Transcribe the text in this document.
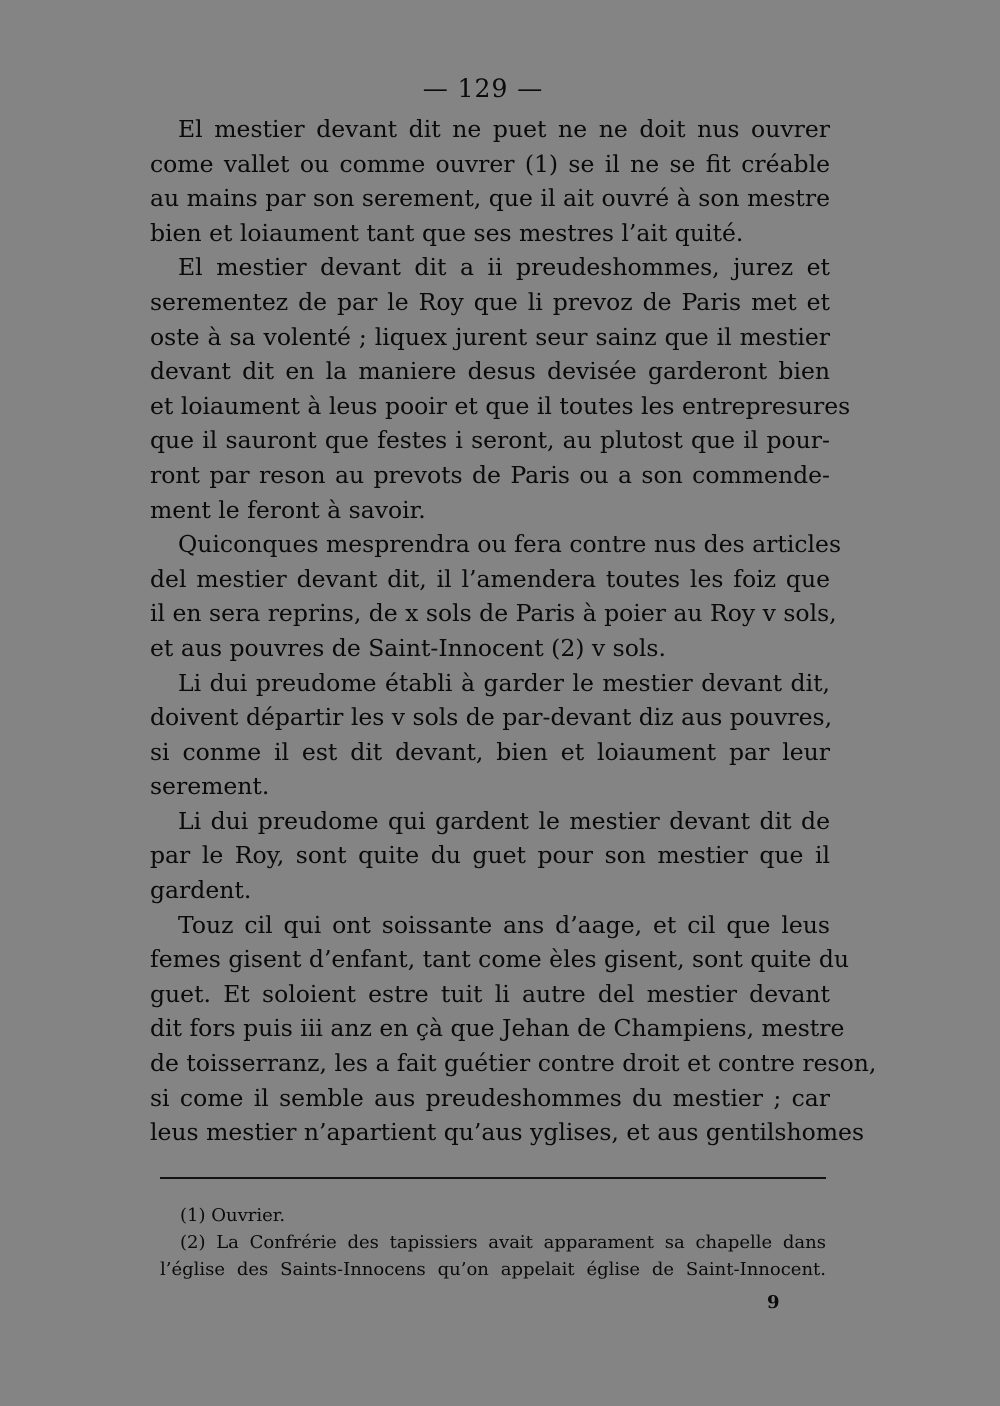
— 129 —

El mestier devant dit ne puet ne ne doit nus ouvrer
come vallet ou comme ouvrer (1) se il ne se fit créable
au mains par son serement, que il ait ouvré à son mestre
bien et loiaument tant que ses mestres l’ait quité.

El mestier devant dit a ii preudeshommes, jurez et
serementez de par le Roy que li prevoz de Paris met et
oste à sa volenté ; liquex jurent seur sainz que il mestier
devant dit en la maniere desus devisée garderont bien
et loiaument à leus pooir et que il toutes les entrepresures
que il sauront que festes i seront, au plutost que il pour-
ront par reson au prevots de Paris ou a son commende-
ment le feront à savoir.

Quiconques mesprendra ou fera contre nus des articles
del mestier devant dit, il l’amendera toutes les foiz que
il en sera reprins, de x sols de Paris à poier au Roy v sols,
et aus pouvres de Saint-Innocent (2) v sols.

Li dui preudome établi à garder le mestier devant dit,
doivent départir les v sols de par-devant diz aus pouvres,
si conme il est dit devant, bien et loiaument par leur
serement.

Li dui preudome qui gardent le mestier devant dit de
par le Roy, sont quite du guet pour son mestier que il
gardent.

Touz cil qui ont soissante ans d’aage, et cil que leus
femes gisent d’enfant, tant come èles gisent, sont quite du
guet. Et soloient estre tuit li autre del mestier devant
dit fors puis iii anz en çà que Jehan de Champiens, mestre
de toisserranz, les a fait guétier contre droit et contre reson,
si come il semble aus preudeshommes du mestier ; car
leus mestier n’apartient qu’aus yglises, et aus gentilshomes

(1) Ouvrier.
(2) La Confrérie des tapissiers avait apparament sa chapelle dans
l’église des Saints-Innocens qu’on appelait église de Saint-Innocent.
9
